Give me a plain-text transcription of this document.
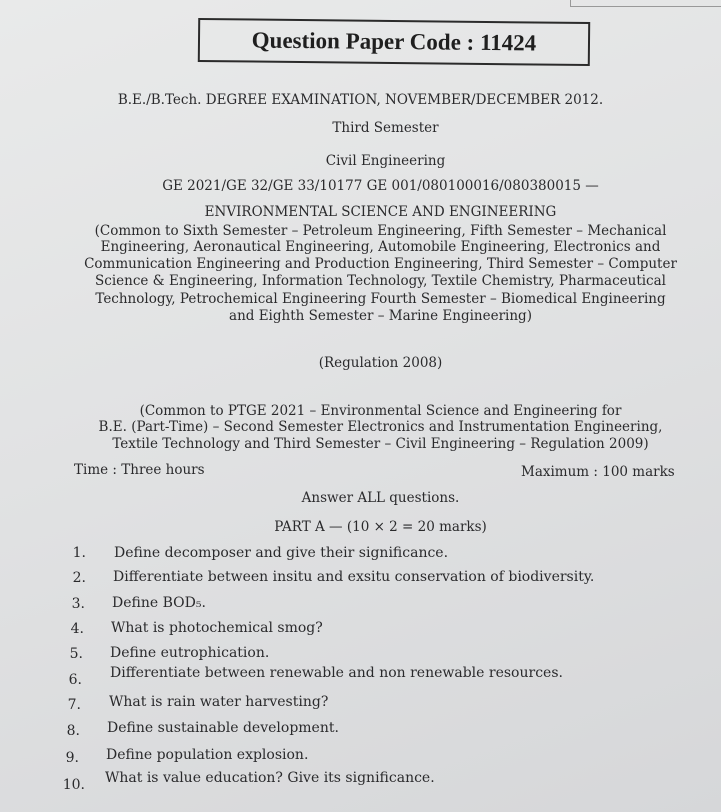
Question Paper Code : 11424
B.E./B.Tech. DEGREE EXAMINATION, NOVEMBER/DECEMBER 2012.
Third Semester
Civil Engineering
GE 2021/GE 32/GE 33/10177 GE 001/080100016/080380015 —
ENVIRONMENTAL SCIENCE AND ENGINEERING
(Common to Sixth Semester – Petroleum Engineering, Fifth Semester – Mechanical
Engineering, Aeronautical Engineering, Automobile Engineering, Electronics and
Communication Engineering and Production Engineering, Third Semester – Computer
Science & Engineering, Information Technology, Textile Chemistry, Pharmaceutical
Technology, Petrochemical Engineering Fourth Semester – Biomedical Engineering
and Eighth Semester – Marine Engineering)
(Regulation 2008)
(Common to PTGE 2021 – Environmental Science and Engineering for
B.E. (Part-Time) – Second Semester Electronics and Instrumentation Engineering,
Textile Technology and Third Semester – Civil Engineering – Regulation 2009)
Time : Three hours	Maximum : 100 marks
Answer ALL questions.
PART A — (10 × 2 = 20 marks)
1. Define decomposer and give their significance.
2. Differentiate between insitu and exsitu conservation of biodiversity.
3. Define BOD₅.
4. What is photochemical smog?
5. Define eutrophication.
6. Differentiate between renewable and non renewable resources.
7. What is rain water harvesting?
8. Define sustainable development.
9. Define population explosion.
10. What is value education? Give its significance.
